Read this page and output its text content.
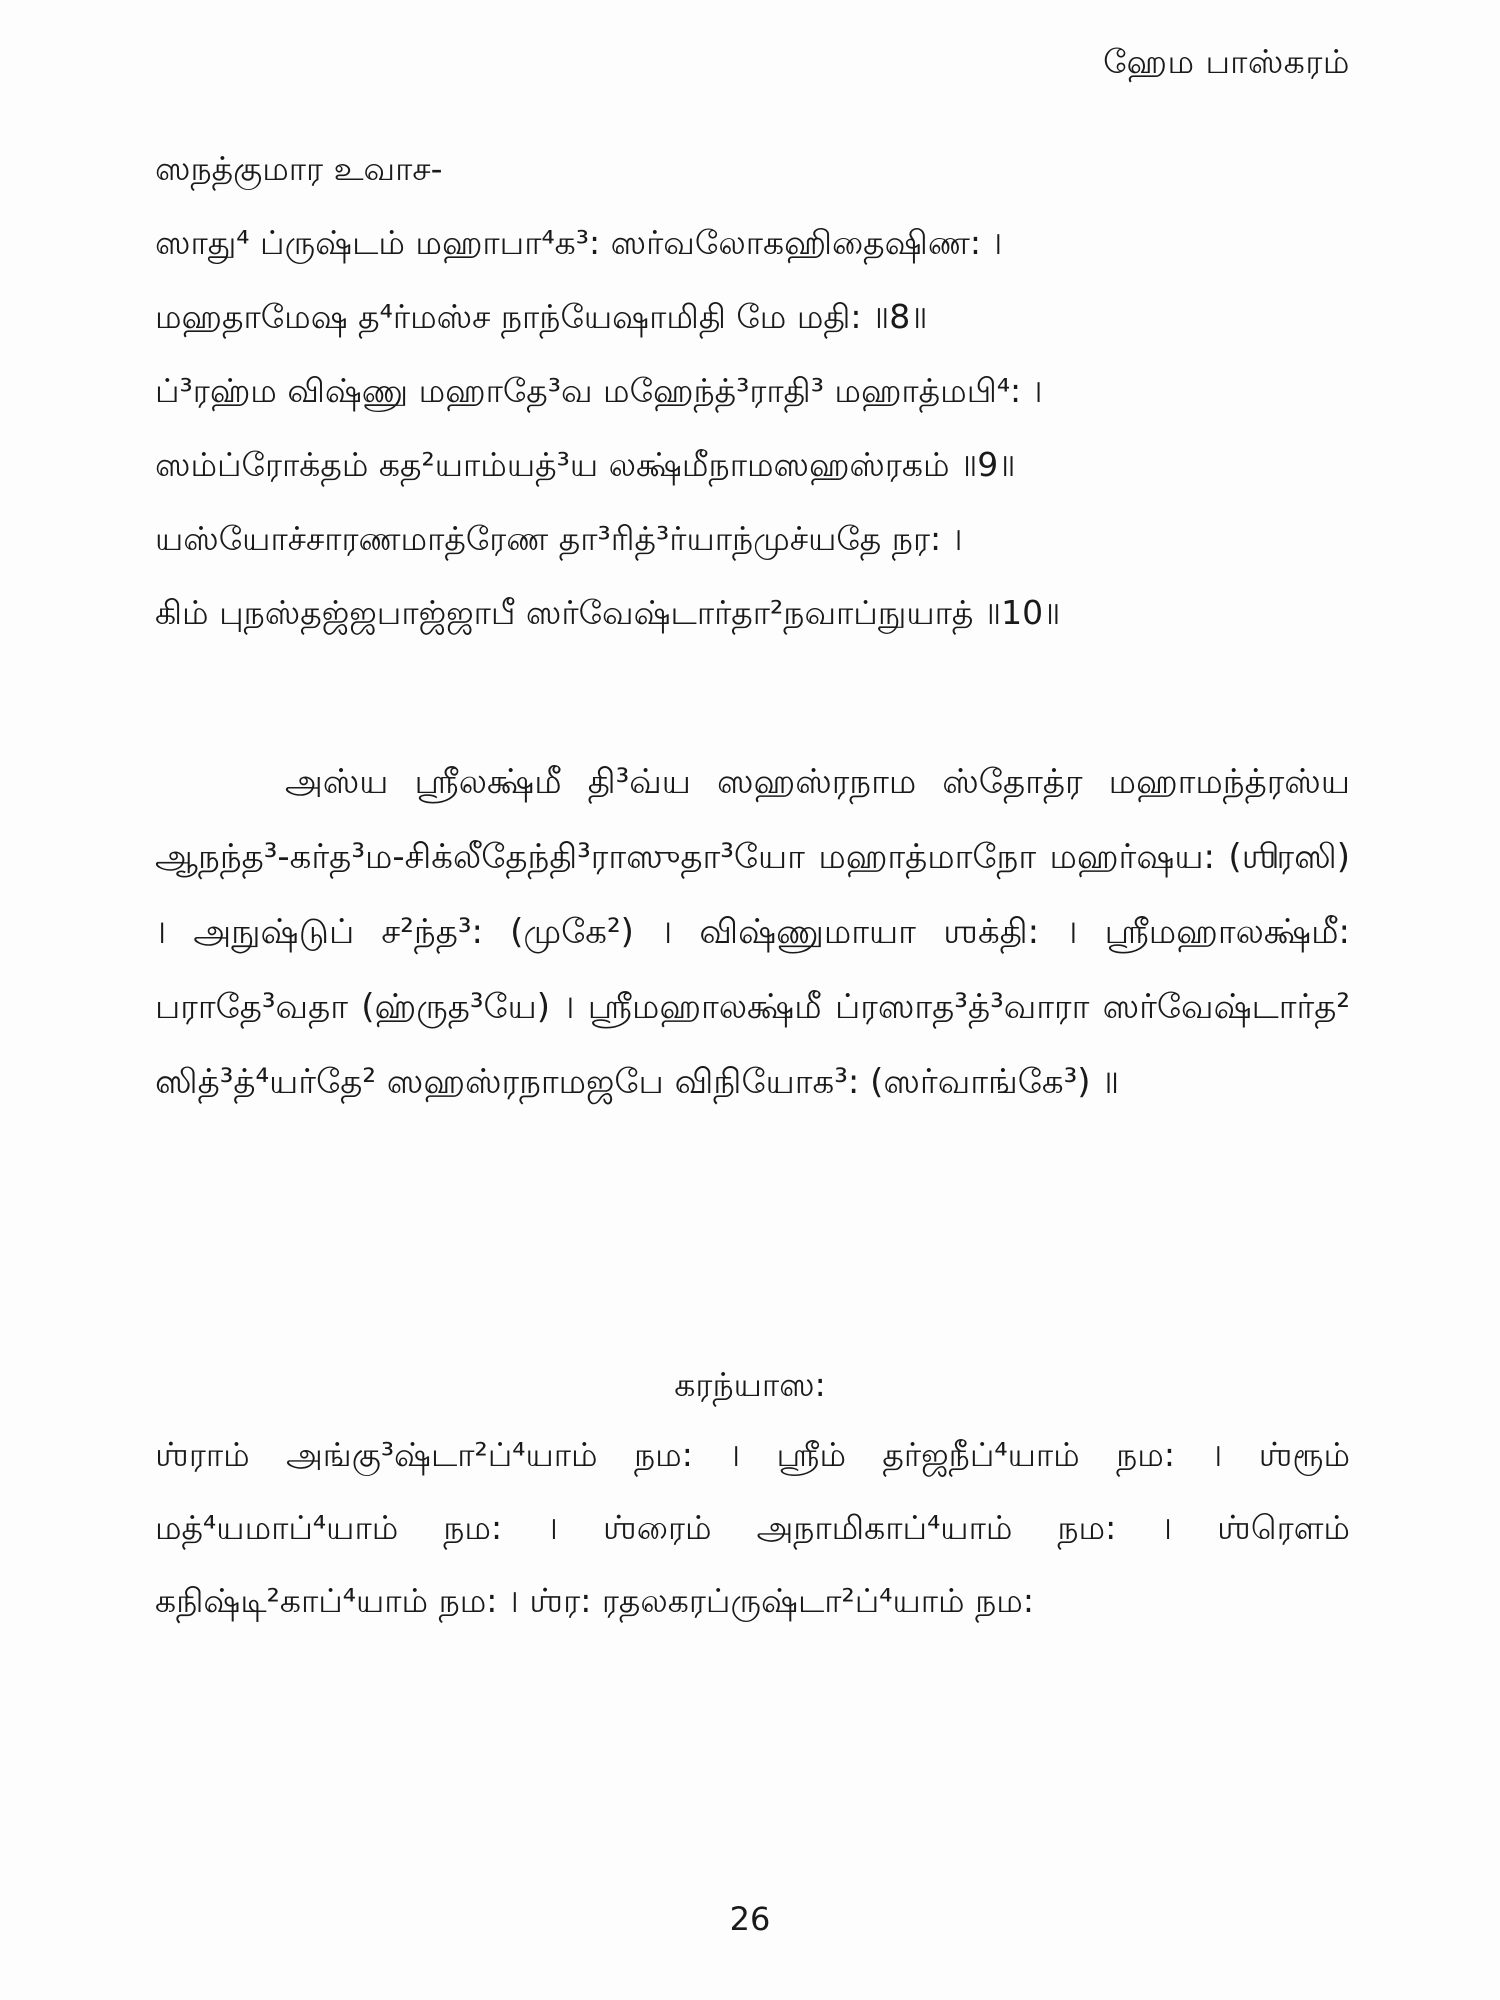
ஹேம பாஸ்கரம்
ஸநத்குமார உவாச-
ஸாது⁴ ப்ருஷ்டம் மஹாபா⁴க³: ஸர்வலோகஹிதைஷிண: ।
மஹதாமேஷ த⁴ர்மஸ்ச நாந்யேஷாமிதி மே மதி: ॥8॥
ப்³ரஹ்ம விஷ்ணு மஹாதே³வ மஹேந்த்³ராதி³ மஹாத்மபி⁴: ।
ஸம்ப்ரோக்தம் கத²யாம்யத்³ய லக்ஷ்மீநாமஸஹஸ்ரகம் ॥9॥
யஸ்யோச்சாரணமாத்ரேண தா³ரித்³ர்யாந்முச்யதே நர: ।
கிம் புநஸ்தஜ்ஜபாஜ்ஜாபீ ஸர்வேஷ்டார்தா²நவாப்நுயாத் ॥10॥
அஸ்ய ஸ்ரீலக்ஷ்மீ தி³வ்ய ஸஹஸ்ரநாம ஸ்தோத்ர மஹாமந்த்ரஸ்ய ஆநந்த³-கர்த³ம-சிக்லீதேந்தி³ராஸுதா³யோ மஹாத்மாநோ மஹர்ஷய: (ஶிரஸி) । அநுஷ்டுப் ச²ந்த³: (முகே²) । விஷ்ணுமாயா ஶக்தி: । ஸ்ரீமஹாலக்ஷ்மீ: பராதே³வதா (ஹ்ருத³யே) । ஸ்ரீமஹாலக்ஷ்மீ ப்ரஸாத³த்³வாரா ஸர்வேஷ்டார்த² ஸித்³த்⁴யர்தே² ஸஹஸ்ரநாமஜபே விநியோக³: (ஸர்வாங்கே³) ॥
கரந்யாஸ:
ஶ்ராம் அங்கு³ஷ்டா²ப்⁴யாம் நம: । ஸ்ரீம் தர்ஜநீப்⁴யாம் நம: । ஶ்ரூம் மத்⁴யமாப்⁴யாம் நம: । ஶ்ரைம் அநாமிகாப்⁴யாம் நம: । ஶ்ரௌம் கநிஷ்டி²காப்⁴யாம் நம: । ஶ்ர: ரதலகரப்ருஷ்டா²ப்⁴யாம் நம:
26
